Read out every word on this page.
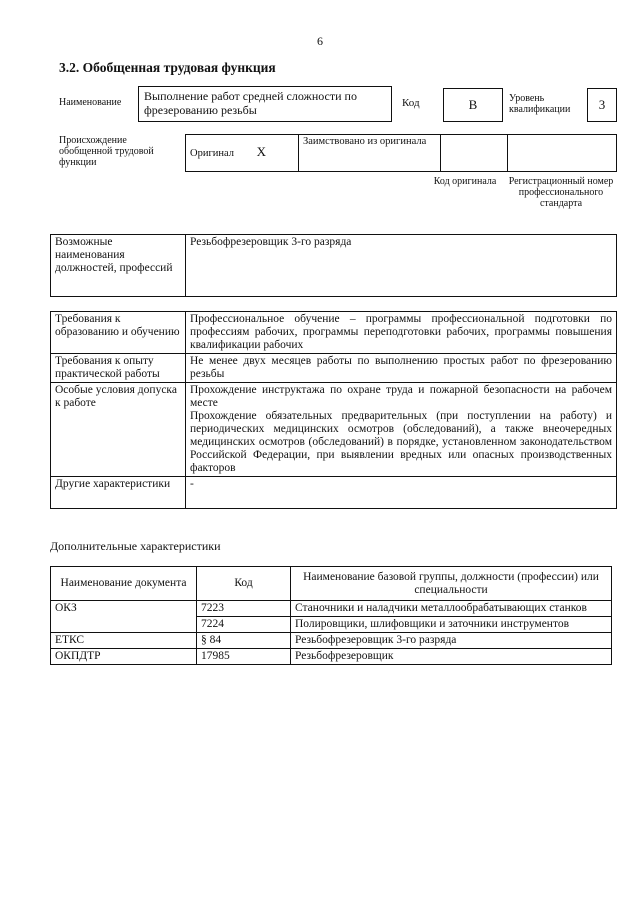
6
3.2. Обобщенная трудовая функция
Наименование	Выполнение работ средней сложности по фрезерованию резьбы	Код	B	Уровень квалификации	3
Происхождение обобщенной трудовой функции
Оригинал X	Заимствовано из оригинала		
Код оригинала	Регистрационный номер профессионального стандарта
Возможные наименования должностей, профессий	Резьбофрезеровщик 3-го разряда
Требования к образованию и обучению	Профессиональное обучение – программы профессиональной подготовки по профессиям рабочих, программы переподготовки рабочих, программы повышения квалификации рабочих
Требования к опыту практической работы	Не менее двух месяцев работы по выполнению простых работ по фрезерованию резьбы
Особые условия допуска к работе	Прохождение инструктажа по охране труда и пожарной безопасности на рабочем месте
Прохождение обязательных предварительных (при поступлении на работу) и периодических медицинских осмотров (обследований), а также внеочередных медицинских осмотров (обследований) в порядке, установленном законодательством Российской Федерации, при выявлении вредных или опасных производственных факторов

Другие характеристики	-
Дополнительные характеристики
Наименование документа	Код	Наименование базовой группы, должности (профессии) или специальности
ОКЗ	7223	Станочники и наладчики металлообрабатывающих станков
	7224	Полировщики, шлифовщики и заточники инструментов
ЕТКС	§ 84	Резьбофрезеровщик 3-го разряда
ОКПДТР	17985	Резьбофрезеровщик
